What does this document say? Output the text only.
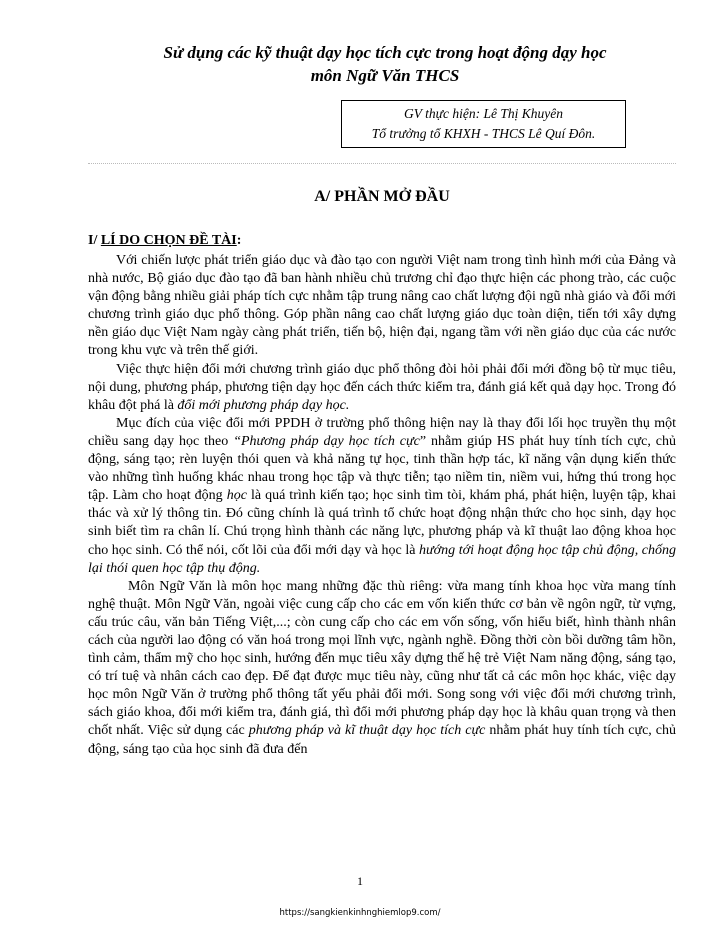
Sử dụng các kỹ thuật dạy học tích cực trong hoạt động dạy học
môn Ngữ Văn THCS
GV thực hiện: Lê Thị Khuyên
Tổ trưởng tổ KHXH - THCS Lê Quí Đôn.
A/ PHẦN MỞ ĐẦU
I/ LÍ DO CHỌN ĐỀ TÀI:

Với chiến lược phát triển giáo dục và đào tạo con người Việt nam trong tình hình mới của Đảng và nhà nước, Bộ giáo dục đào tạo đã ban hành nhiều chủ trương chỉ đạo thực hiện các phong trào, các cuộc vận động bằng nhiều giải pháp tích cực nhằm tập trung nâng cao chất lượng đội ngũ nhà giáo và đổi mới chương trình giáo dục phổ thông. Góp phần nâng cao chất lượng giáo dục toàn diện, tiến tới xây dựng nền giáo dục Việt Nam ngày càng phát triển, tiến bộ, hiện đại, ngang tầm với nền giáo dục của các nước trong khu vực và trên thế giới.

Việc thực hiện đổi mới chương trình giáo dục phổ thông đòi hỏi phải đổi mới đồng bộ từ mục tiêu, nội dung, phương pháp, phương tiện dạy học đến cách thức kiểm tra, đánh giá kết quả dạy học. Trong đó khâu đột phá là đổi mới phương pháp dạy học.

Mục đích của việc đổi mới PPDH ở trường phổ thông hiện nay là thay đổi lối học truyền thụ một chiều sang dạy học theo “Phương pháp dạy học tích cực” nhằm giúp HS phát huy tính tích cực, chủ động, sáng tạo; rèn luyện thói quen và khả năng tự học, tinh thần hợp tác, kĩ năng vận dụng kiến thức vào những tình huống khác nhau trong học tập và thực tiễn; tạo niềm tin, niềm vui, hứng thú trong học tập. Làm cho hoạt động học là quá trình kiến tạo; học sinh tìm tòi, khám phá, phát hiện, luyện tập, khai thác và xử lý thông tin. Đó cũng chính là quá trình tổ chức hoạt động nhận thức cho học sinh, dạy học sinh biết tìm ra chân lí. Chú trọng hình thành các năng lực, phương pháp và kĩ thuật lao động khoa học cho học sinh. Có thể nói, cốt lõi của đổi mới dạy và học là hướng tới hoạt động học tập chủ động, chống lại thói quen học tập thụ động.

Môn Ngữ Văn là môn học mang những đặc thù riêng: vừa mang tính khoa học vừa mang tính nghệ thuật. Môn Ngữ Văn, ngoài việc cung cấp cho các em vốn kiến thức cơ bản về ngôn ngữ, từ vựng, cấu trúc câu, văn bản Tiếng Việt,...; còn cung cấp cho các em vốn sống, vốn hiểu biết, hình thành nhân cách của người lao động có văn hoá trong mọi lĩnh vực, ngành nghề. Đồng thời còn bồi dưỡng tâm hồn, tình cảm, thẩm mỹ cho học sinh, hướng đến mục tiêu xây dựng thế hệ trẻ Việt Nam năng động, sáng tạo, có trí tuệ và nhân cách cao đẹp. Để đạt được mục tiêu này, cũng như tất cả các môn học khác, việc dạy học môn Ngữ Văn ở trường phổ thông tất yếu phải đổi mới. Song song với việc đổi mới chương trình, sách giáo khoa, đổi mới kiểm tra, đánh giá, thì đổi mới phương pháp dạy học là khâu quan trọng và then chốt nhất. Việc sử dụng các phương pháp và kĩ thuật dạy học tích cực nhằm phát huy tính tích cực, chủ động, sáng tạo của học sinh đã đưa đến

1
https://sangkienkinhnghiemlop9.com/
